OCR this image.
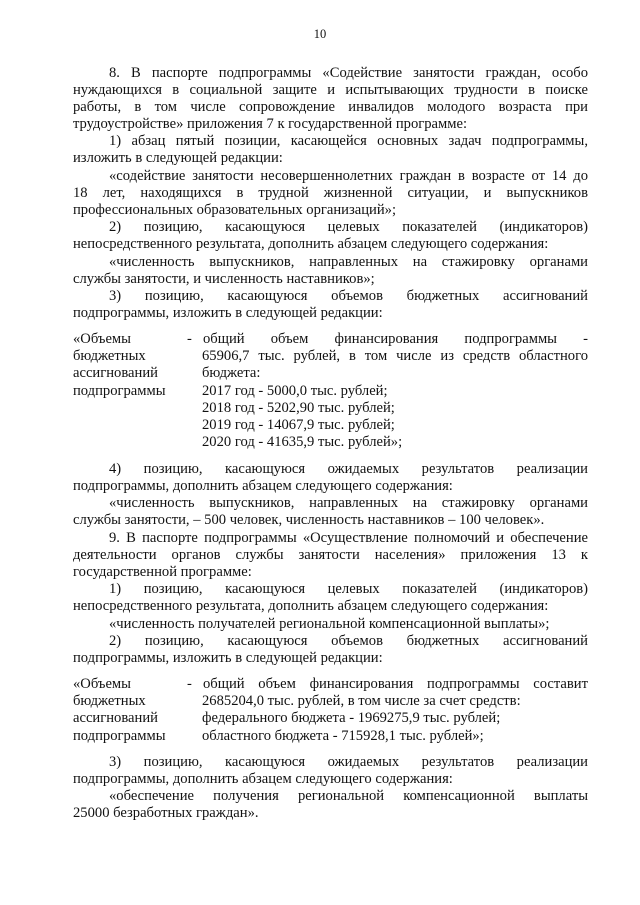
10
8. В паспорте подпрограммы «Содействие занятости граждан, особо
нуждающихся в социальной защите и испытывающих трудности в поиске
работы, в том числе сопровождение инвалидов молодого возраста при
трудоустройстве» приложения 7 к государственной программе:
1) абзац пятый позиции, касающейся основных задач подпрограммы,
изложить в следующей редакции:
«содействие занятости несовершеннолетних граждан в возрасте от 14 до
18 лет, находящихся в трудной жизненной ситуации, и выпускников
профессиональных образовательных организаций»;
2) позицию, касающуюся целевых показателей (индикаторов)
непосредственного результата, дополнить абзацем следующего содержания:
«численность выпускников, направленных на стажировку органами
службы занятости, и численность наставников»;
3) позицию, касающуюся объемов бюджетных ассигнований
подпрограммы, изложить в следующей редакции:
«Объемы
бюджетных
ассигнований
подпрограммы
- общий объем финансирования подпрограммы -
65906,7 тыс. рублей, в том числе из средств областного
бюджета:
2017 год - 5000,0 тыс. рублей;
2018 год - 5202,90 тыс. рублей;
2019 год - 14067,9 тыс. рублей;
2020 год - 41635,9 тыс. рублей»;
4) позицию, касающуюся ожидаемых результатов реализации
подпрограммы, дополнить абзацем следующего содержания:
«численность выпускников, направленных на стажировку органами
службы занятости, – 500 человек, численность наставников – 100 человек».
9. В паспорте подпрограммы «Осуществление полномочий и обеспечение
деятельности органов службы занятости населения» приложения 13 к
государственной программе:
1) позицию, касающуюся целевых показателей (индикаторов)
непосредственного результата, дополнить абзацем следующего содержания:
«численность получателей региональной компенсационной выплаты»;
2) позицию, касающуюся объемов бюджетных ассигнований
подпрограммы, изложить в следующей редакции:
«Объемы
бюджетных
ассигнований
подпрограммы
- общий объем финансирования подпрограммы составит
2685204,0 тыс. рублей, в том числе за счет средств:
федерального бюджета - 1969275,9 тыс. рублей;
областного бюджета - 715928,1 тыс. рублей»;
3) позицию, касающуюся ожидаемых результатов реализации
подпрограммы, дополнить абзацем следующего содержания:
«обеспечение получения региональной компенсационной выплаты
25000 безработных граждан».
